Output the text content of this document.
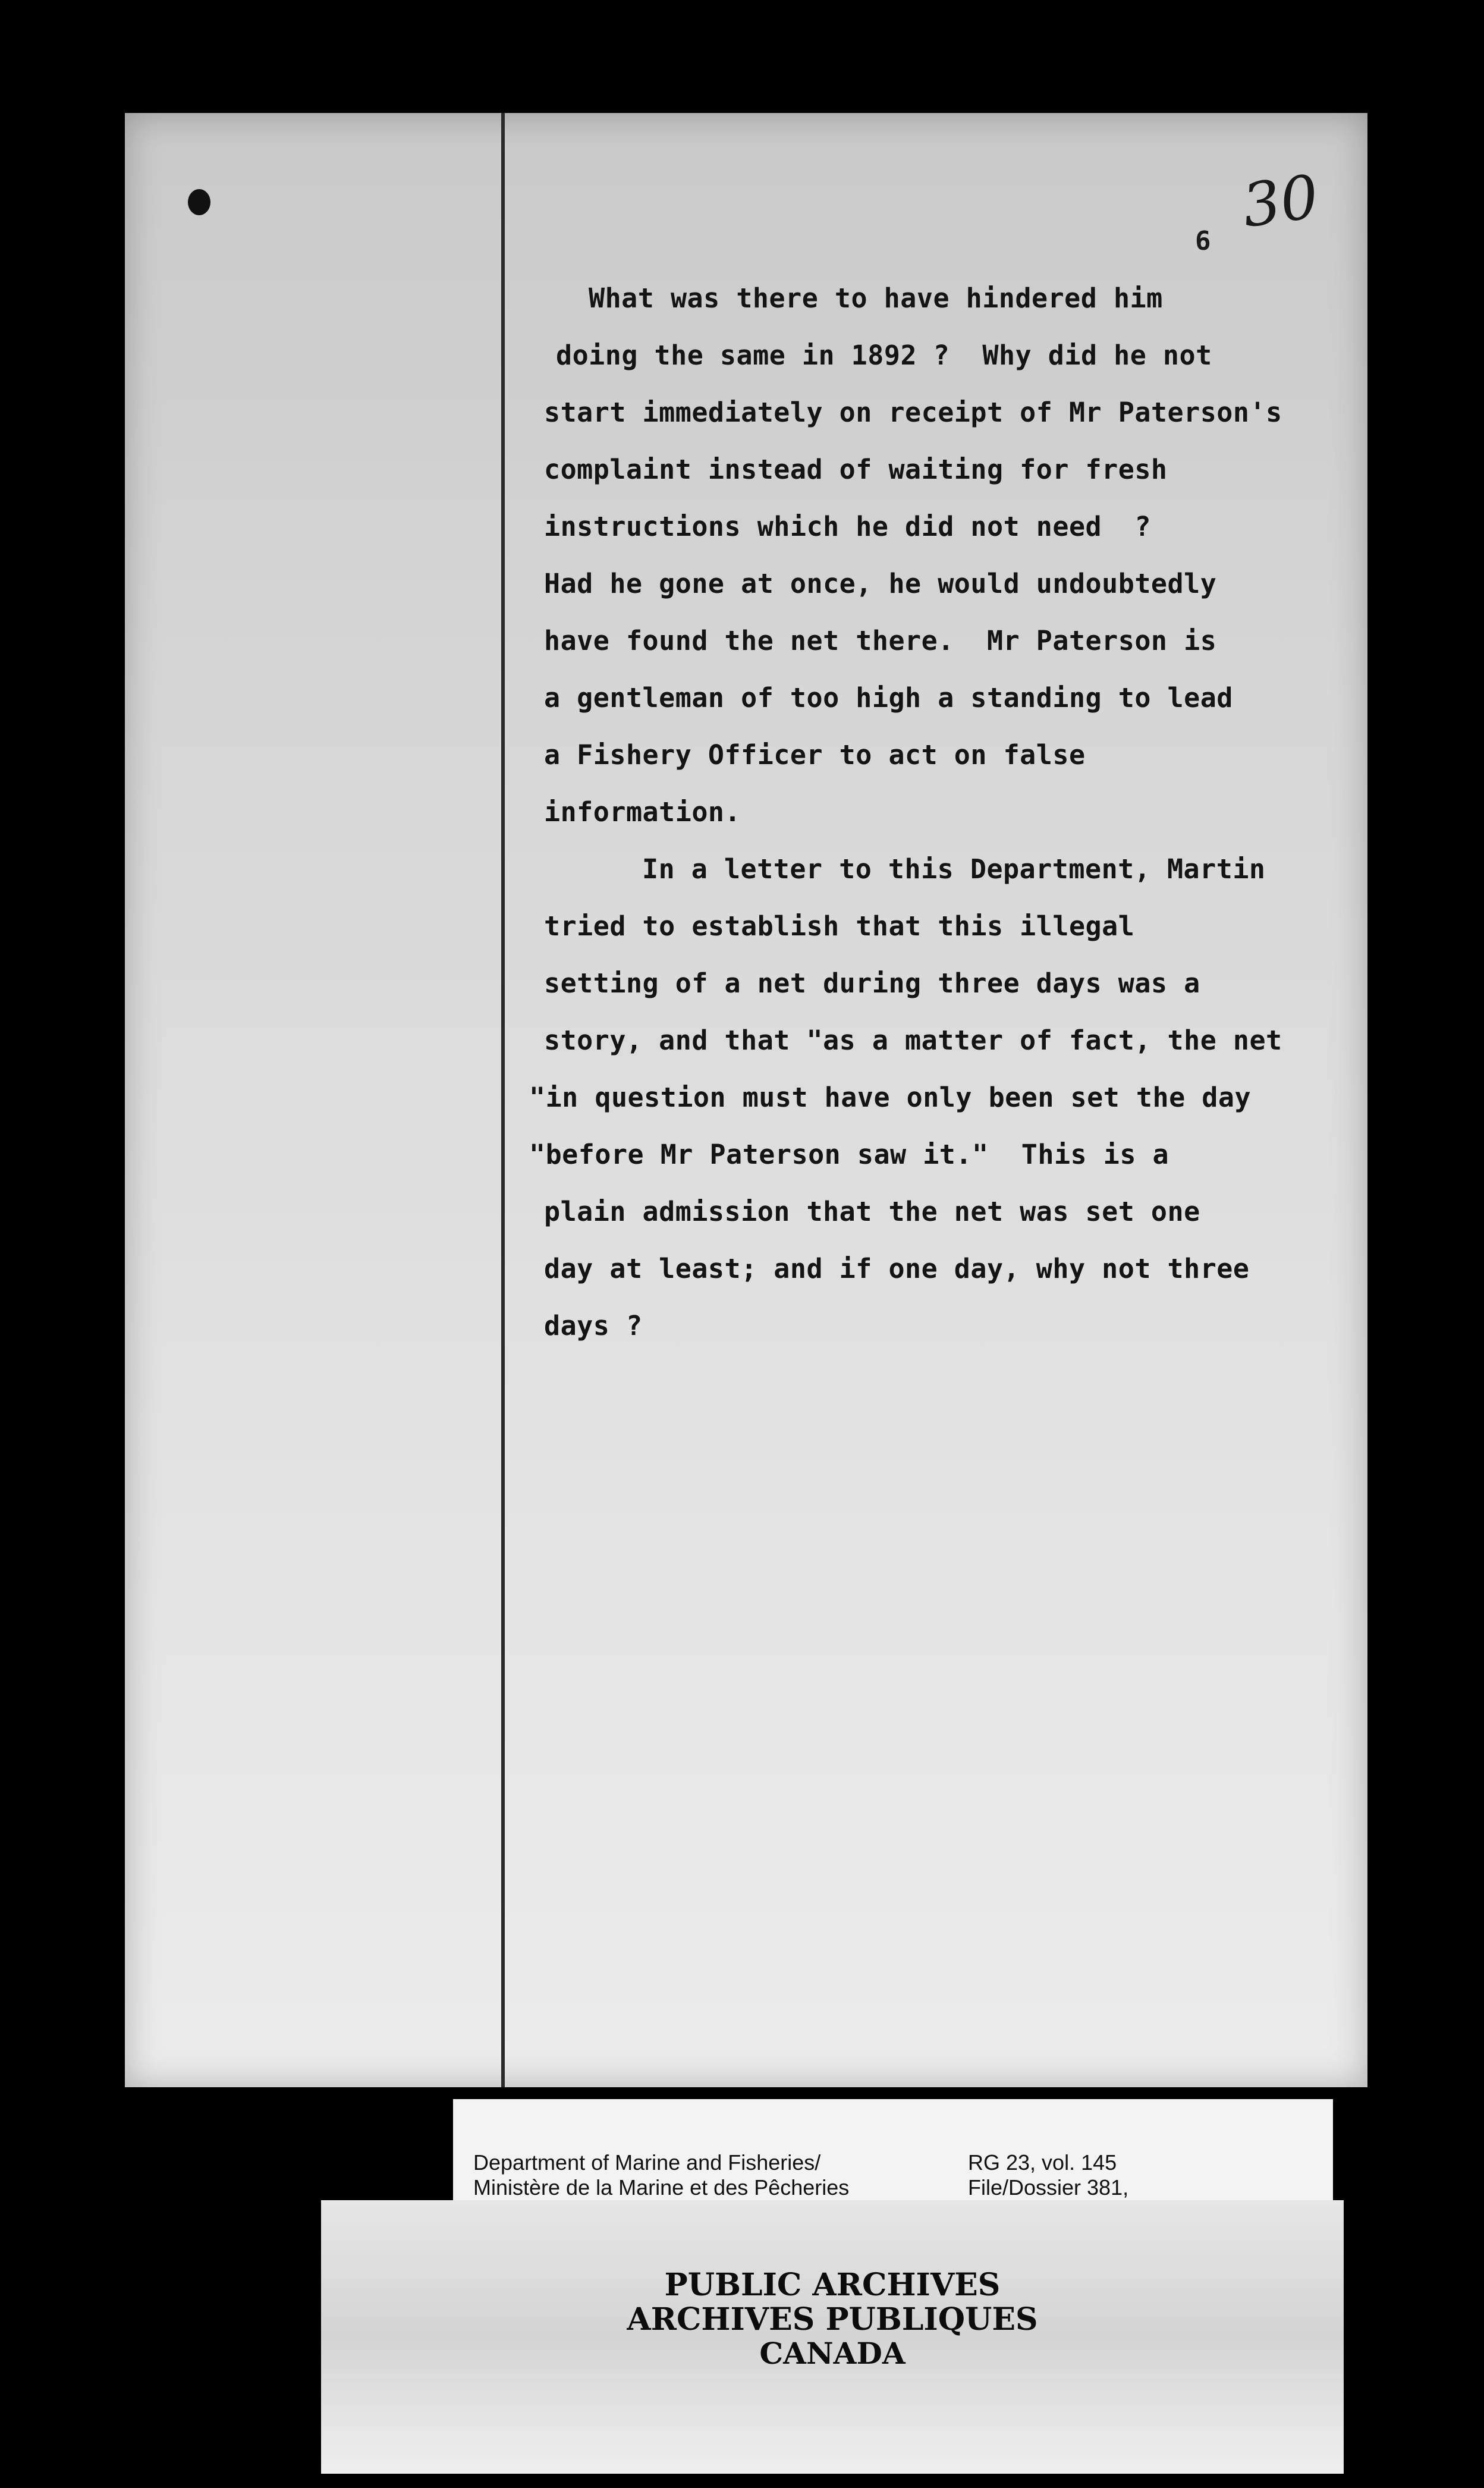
30
6
What was there to have hindered him
doing the same in 1892 ?  Why did he not
start immediately on receipt of Mr Paterson's
complaint instead of waiting for fresh
instructions which he did not need  ?
Had he gone at once, he would undoubtedly
have found the net there.  Mr Paterson is
a gentleman of too high a standing to lead
a Fishery Officer to act on false
information.
In a letter to this Department, Martin
tried to establish that this illegal
setting of a net during three days was a
story, and that "as a matter of fact, the net
"in question must have only been set the day
"before Mr Paterson saw it."  This is a
plain admission that the net was set one
day at least; and if one day, why not three
days ?
Department of Marine and Fisheries/
Ministère de la Marine et des Pêcheries
RG 23, vol. 145
File/Dossier 381,
PUBLIC ARCHIVES
ARCHIVES PUBLIQUES
CANADA
